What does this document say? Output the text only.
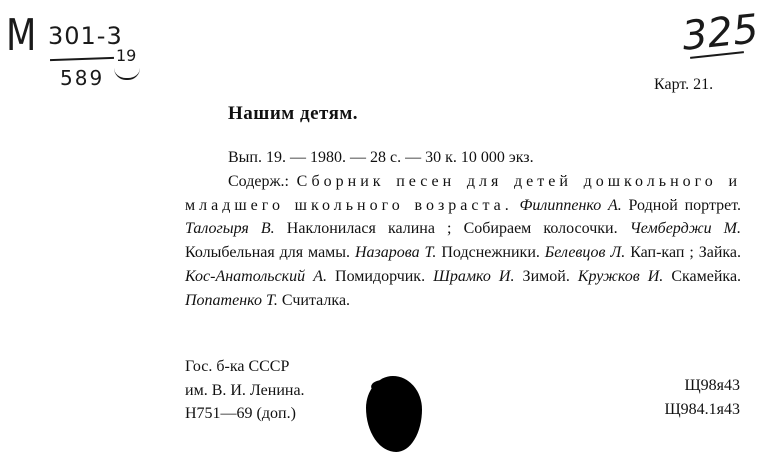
M 301-3
589
19	325
Карт. 21.
Нашим детям.

Вып. 19. — 1980. — 28 с. — 30 к. 10 000 экз.

Содерж.: Сборник песен для детей дошкольного и младшего школьного возраста. Филиппенко А. Родной портрет. Талогыря В. Наклонилася калина ; Собираем колосочки. Чемберджи М. Колыбельная для мамы. Назарова Т. Подснежники. Белевцов Л. Кап-кап ; Зайка. Кос-Анатольский А. Помидорчик. Шрамко И. Зимой. Кружков И. Скамейка. Попатенко Т. Считалка.

Гос. б-ка СССР
им. В. И. Ленина.
Н751—69 (доп.)
Щ98я43
Щ984.1я43
